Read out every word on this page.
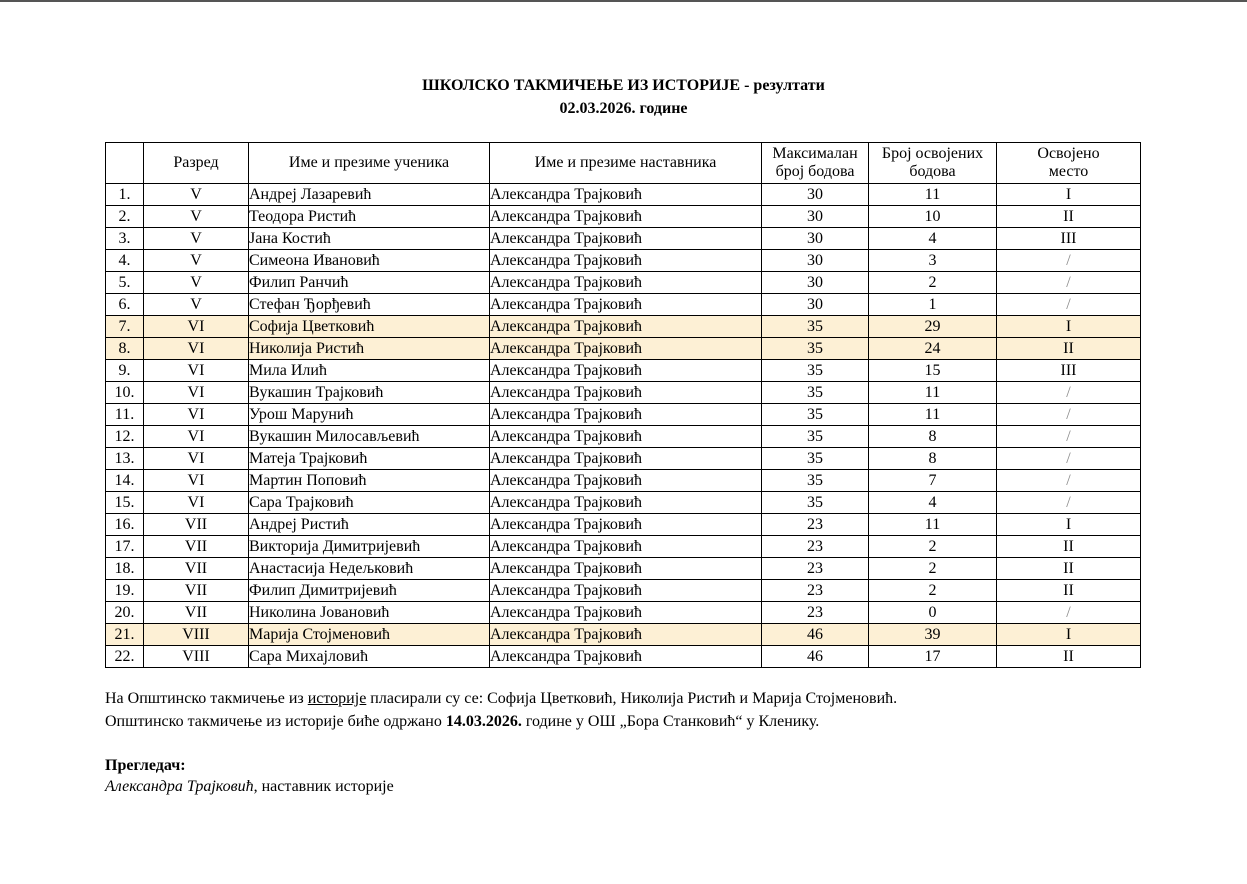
ШКОЛСКО ТАКМИЧЕЊЕ ИЗ ИСТОРИЈЕ - резултати
02.03.2026. године
	Разред	Име и презиме ученика	Име и презиме наставника	Максималан број бодова	Број освојених бодова	Освојено место
1.	V	Андреј Лазаревић	Александра Трајковић	30	11	I
2.	V	Теодора Ристић	Александра Трајковић	30	10	II
3.	V	Јана Костић	Александра Трајковић	30	4	III
4.	V	Симеона Ивановић	Александра Трајковић	30	3	/
5.	V	Филип Ранчић	Александра Трајковић	30	2	/
6.	V	Стефан Ђорђевић	Александра Трајковић	30	1	/
7.	VI	Софија Цветковић	Александра Трајковић	35	29	I
8.	VI	Николија Ристић	Александра Трајковић	35	24	II
9.	VI	Мила Илић	Александра Трајковић	35	15	III
10.	VI	Вукашин Трајковић	Александра Трајковић	35	11	/
11.	VI	Урош Марунић	Александра Трајковић	35	11	/
12.	VI	Вукашин Милосављевић	Александра Трајковић	35	8	/
13.	VI	Матеја Трајковић	Александра Трајковић	35	8	/
14.	VI	Мартин Поповић	Александра Трајковић	35	7	/
15.	VI	Сара Трајковић	Александра Трајковић	35	4	/
16.	VII	Андреј Ристић	Александра Трајковић	23	11	I
17.	VII	Викторија Димитријевић	Александра Трајковић	23	2	II
18.	VII	Анастасија Недељковић	Александра Трајковић	23	2	II
19.	VII	Филип Димитријевић	Александра Трајковић	23	2	II
20.	VII	Николина Јовановић	Александра Трајковић	23	0	/
21.	VIII	Марија Стојменовић	Александра Трајковић	46	39	I
22.	VIII	Сара Михајловић	Александра Трајковић	46	17	II
На Општинско такмичење из историје пласирали су се: Софија Цветковић, Николија Ристић и Марија Стојменовић.
Општинско такмичење из историје биће одржано 14.03.2026. године у ОШ „Бора Станковић“ у Кленику.
Прегледач:
Александра Трајковић, наставник историје
